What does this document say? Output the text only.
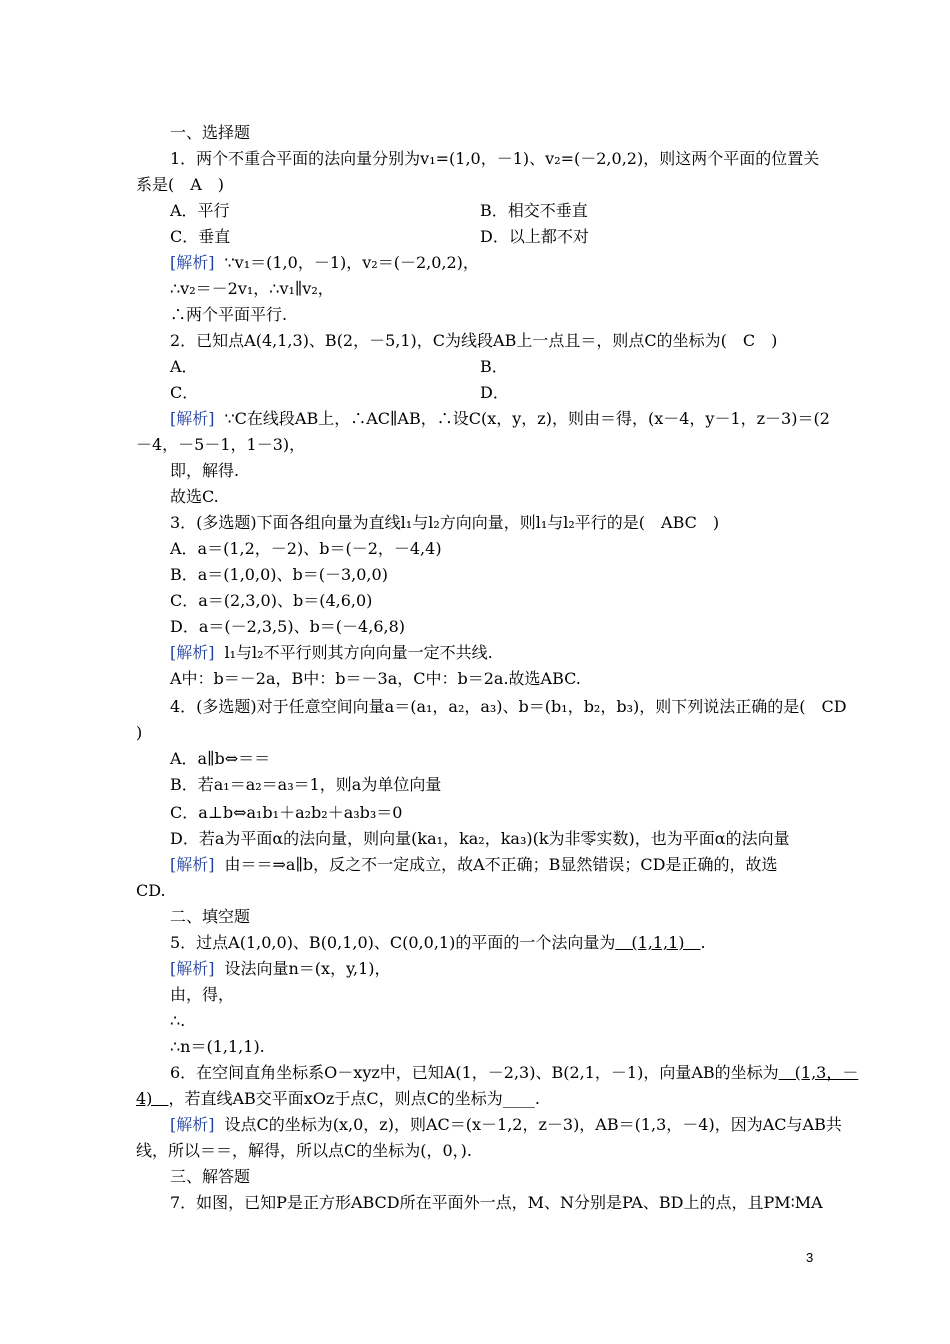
一、选择题
1．两个不重合平面的法向量分别为v₁=(1,0，－1)、v₂=(－2,0,2)，则这两个平面的位置关
系是(　A　)
A．平行	B．相交不垂直
C．垂直	D．以上都不对
[解析] ∵v₁＝(1,0，－1)，v₂＝(－2,0,2)，
∴v₂＝－2v₁，∴v₁∥v₂，
∴两个平面平行.
2．已知点A(4,1,3)、B(2，－5,1)，C为线段AB上一点且＝，则点C的坐标为(　C　)
A．	B．
C．	D．
[解析] ∵C在线段AB上，∴AC∥AB，∴设C(x，y，z)，则由＝得，(x－4，y－1，z－3)＝(2
－4，－5－1，1－3)，
即，解得.
故选C.
3．(多选题)下面各组向量为直线l₁与l₂方向向量，则l₁与l₂平行的是(　ABC　)
A．a＝(1,2，－2)、b＝(－2，－4,4)
B．a＝(1,0,0)、b＝(－3,0,0)
C．a＝(2,3,0)、b＝(4,6,0)
D．a＝(－2,3,5)、b＝(－4,6,8)
[解析] l₁与l₂不平行则其方向向量一定不共线.
A中：b＝－2a，B中：b＝－3a，C中：b＝2a.故选ABC.
4．(多选题)对于任意空间向量a＝(a₁，a₂，a₃)、b＝(b₁，b₂，b₃)，则下列说法正确的是(　CD
)
A．a∥b⇔＝＝
B．若a₁＝a₂＝a₃＝1，则a为单位向量
C．a⊥b⇔a₁b₁＋a₂b₂＋a₃b₃＝0
D．若a为平面α的法向量，则向量(ka₁，ka₂，ka₃)(k为非零实数)，也为平面α的法向量
[解析] 由＝＝⇒a∥b，反之不一定成立，故A不正确；B显然错误；CD是正确的，故选
CD.
二、填空题
5．过点A(1,0,0)、B(0,1,0)、C(0,0,1)的平面的一个法向量为　(1,1,1)　.
[解析] 设法向量n＝(x，y,1)，
由，得，
∴.
∴n＝(1,1,1).
6．在空间直角坐标系O－xyz中，已知A(1，－2,3)、B(2,1，－1)，向量AB的坐标为　(1,3，－
4)　，若直线AB交平面xOz于点C，则点C的坐标为____.
[解析] 设点C的坐标为(x,0，z)，则AC＝(x－1,2，z－3)，AB＝(1,3，－4)，因为AC与AB共
线，所以＝＝，解得，所以点C的坐标为(，0，).
三、解答题
7．如图，已知P是正方形ABCD所在平面外一点，M、N分别是PA、BD上的点，且PM∶MA
3
